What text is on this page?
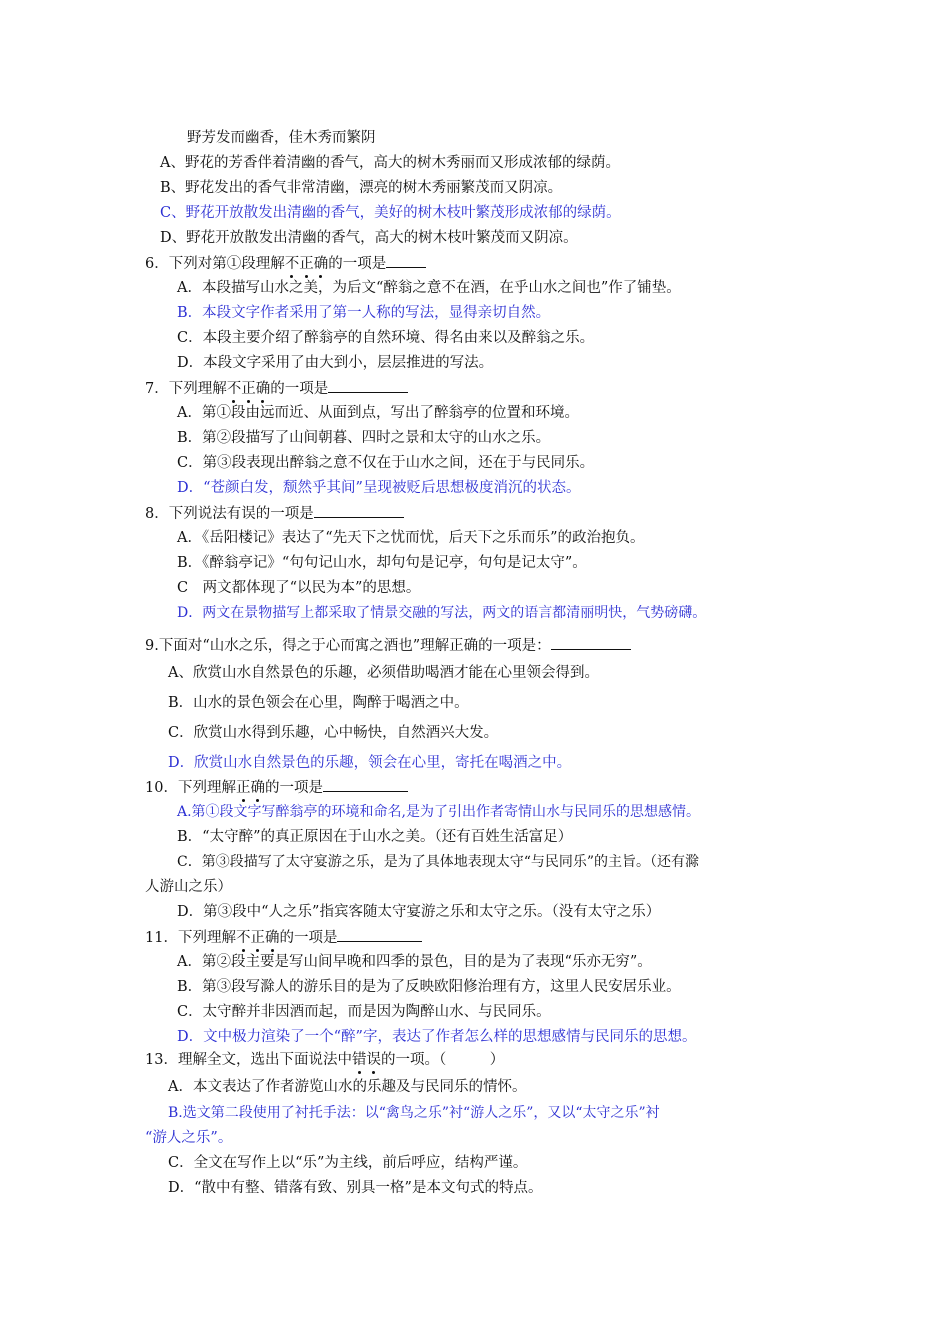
野芳发而幽香，佳木秀而繁阴
A、野花的芳香伴着清幽的香气，高大的树木秀丽而又形成浓郁的绿荫。
B、野花发出的香气非常清幽，漂亮的树木秀丽繁茂而又阴凉。
C、野花开放散发出清幽的香气，美好的树木枝叶繁茂形成浓郁的绿荫。
D、野花开放散发出清幽的香气，高大的树木枝叶繁茂而又阴凉。
6．下列对第①段理解不正确的一项是
A．本段描写山水之美，为后文“醉翁之意不在酒，在乎山水之间也”作了铺垫。
B．本段文字作者采用了第一人称的写法，显得亲切自然。
C．本段主要介绍了醉翁亭的自然环境、得名由来以及醉翁之乐。
D．本段文字采用了由大到小，层层推进的写法。
7．下列理解不正确的一项是
A．第①段由远而近、从面到点，写出了醉翁亭的位置和环境。
B．第②段描写了山间朝暮、四时之景和太守的山水之乐。
C．第③段表现出醉翁之意不仅在于山水之间，还在于与民同乐。
D．“苍颜白发，颓然乎其间”呈现被贬后思想极度消沉的状态。
8．下列说法有误的一项是
A．《岳阳楼记》表达了“先天下之忧而忧，后天下之乐而乐”的政治抱负。
B．《醉翁亭记》“句句记山水，却句句是记亭，句句是记太守”。
C　两文都体现了“以民为本”的思想。
D．两文在景物描写上都采取了情景交融的写法，两文的语言都清丽明快，气势磅礴。
9.下面对“山水之乐，得之于心而寓之酒也”理解正确的一项是：
A、欣赏山水自然景色的乐趣，必须借助喝酒才能在心里领会得到。
B．山水的景色领会在心里，陶醉于喝酒之中。
C．欣赏山水得到乐趣，心中畅快，自然酒兴大发。
D．欣赏山水自然景色的乐趣，领会在心里，寄托在喝酒之中。
10．下列理解正确的一项是
A.第①段文字写醉翁亭的环境和命名,是为了引出作者寄情山水与民同乐的思想感情。
B．“太守醉”的真正原因在于山水之美。（还有百姓生活富足）
C．第③段描写了太守宴游之乐，是为了具体地表现太守“与民同乐”的主旨。（还有滁
人游山之乐）
D．第③段中“人之乐”指宾客随太守宴游之乐和太守之乐。（没有太守之乐）
11．下列理解不正确的一项是
A．第②段主要是写山间早晚和四季的景色，目的是为了表现“乐亦无穷”。
B．第③段写滁人的游乐目的是为了反映欧阳修治理有方，这里人民安居乐业。
C．太守醉并非因酒而起，而是因为陶醉山水、与民同乐。
D．文中极力渲染了一个“醉”字，表达了作者怎么样的思想感情与民同乐的思想。
13．理解全文，选出下面说法中错误的一项。（　　　）
A．本文表达了作者游览山水的乐趣及与民同乐的情怀。
B.选文第二段使用了衬托手法：以“禽鸟之乐”衬“游人之乐”，又以“太守之乐”衬
“游人之乐”。
C．全文在写作上以“乐”为主线，前后呼应，结构严谨。
D．“散中有整、错落有致、别具一格”是本文句式的特点。
